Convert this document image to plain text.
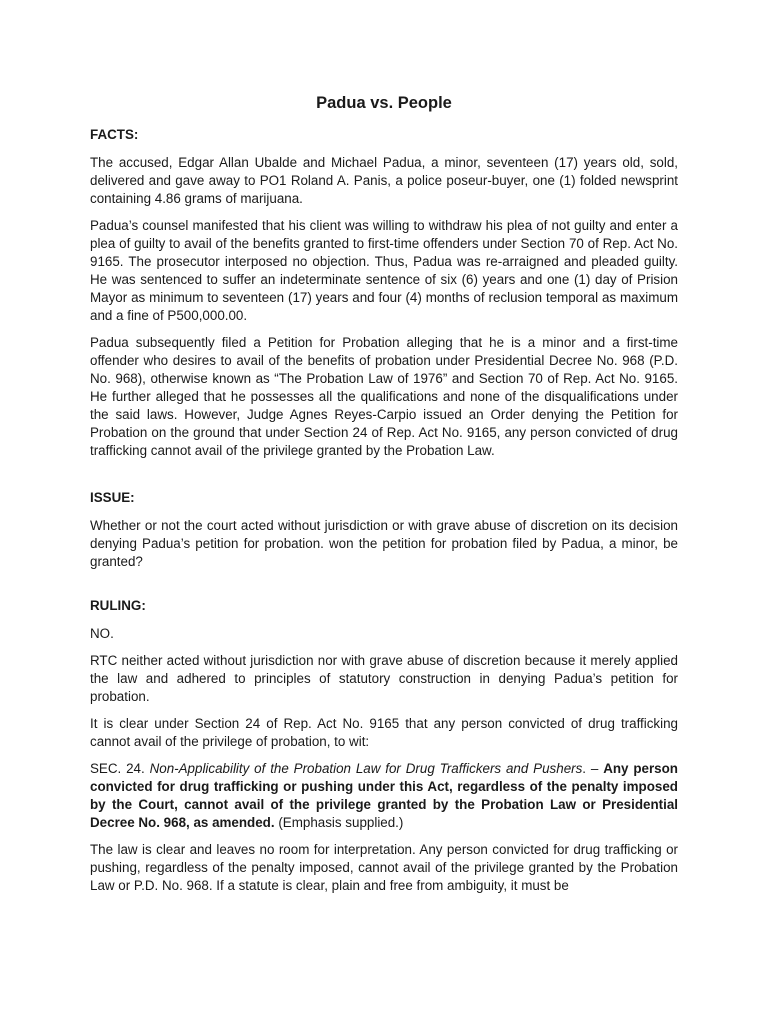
Padua vs. People
FACTS:

The accused, Edgar Allan Ubalde and Michael Padua, a minor, seventeen (17) years old, sold, delivered and gave away to PO1 Roland A. Panis, a police poseur-buyer, one (1) folded newsprint containing 4.86 grams of marijuana.

Padua’s counsel manifested that his client was willing to withdraw his plea of not guilty and enter a plea of guilty to avail of the benefits granted to first-time offenders under Section 70 of Rep. Act No. 9165. The prosecutor interposed no objection. Thus, Padua was re-arraigned and pleaded guilty. He was sentenced to suffer an indeterminate sentence of six (6) years and one (1) day of Prision Mayor as minimum to seventeen (17) years and four (4) months of reclusion temporal as maximum and a fine of P500,000.00.

Padua subsequently filed a Petition for Probation alleging that he is a minor and a first-time offender who desires to avail of the benefits of probation under Presidential Decree No. 968 (P.D. No. 968), otherwise known as “The Probation Law of 1976” and Section 70 of Rep. Act No. 9165. He further alleged that he possesses all the qualifications and none of the disqualifications under the said laws. However, Judge Agnes Reyes-Carpio issued an Order denying the Petition for Probation on the ground that under Section 24 of Rep. Act No. 9165, any person convicted of drug trafficking cannot avail of the privilege granted by the Probation Law.

ISSUE:

Whether or not the court acted without jurisdiction or with grave abuse of discretion on its decision denying Padua’s petition for probation. won the petition for probation filed by Padua, a minor, be granted?

RULING:

NO.

RTC neither acted without jurisdiction nor with grave abuse of discretion because it merely applied the law and adhered to principles of statutory construction in denying Padua’s petition for probation.

It is clear under Section 24 of Rep. Act No. 9165 that any person convicted of drug trafficking cannot avail of the privilege of probation, to wit:

SEC. 24. Non-Applicability of the Probation Law for Drug Traffickers and Pushers. – Any person convicted for drug trafficking or pushing under this Act, regardless of the penalty imposed by the Court, cannot avail of the privilege granted by the Probation Law or Presidential Decree No. 968, as amended. (Emphasis supplied.)

The law is clear and leaves no room for interpretation. Any person convicted for drug trafficking or pushing, regardless of the penalty imposed, cannot avail of the privilege granted by the Probation Law or P.D. No. 968. If a statute is clear, plain and free from ambiguity, it must be
